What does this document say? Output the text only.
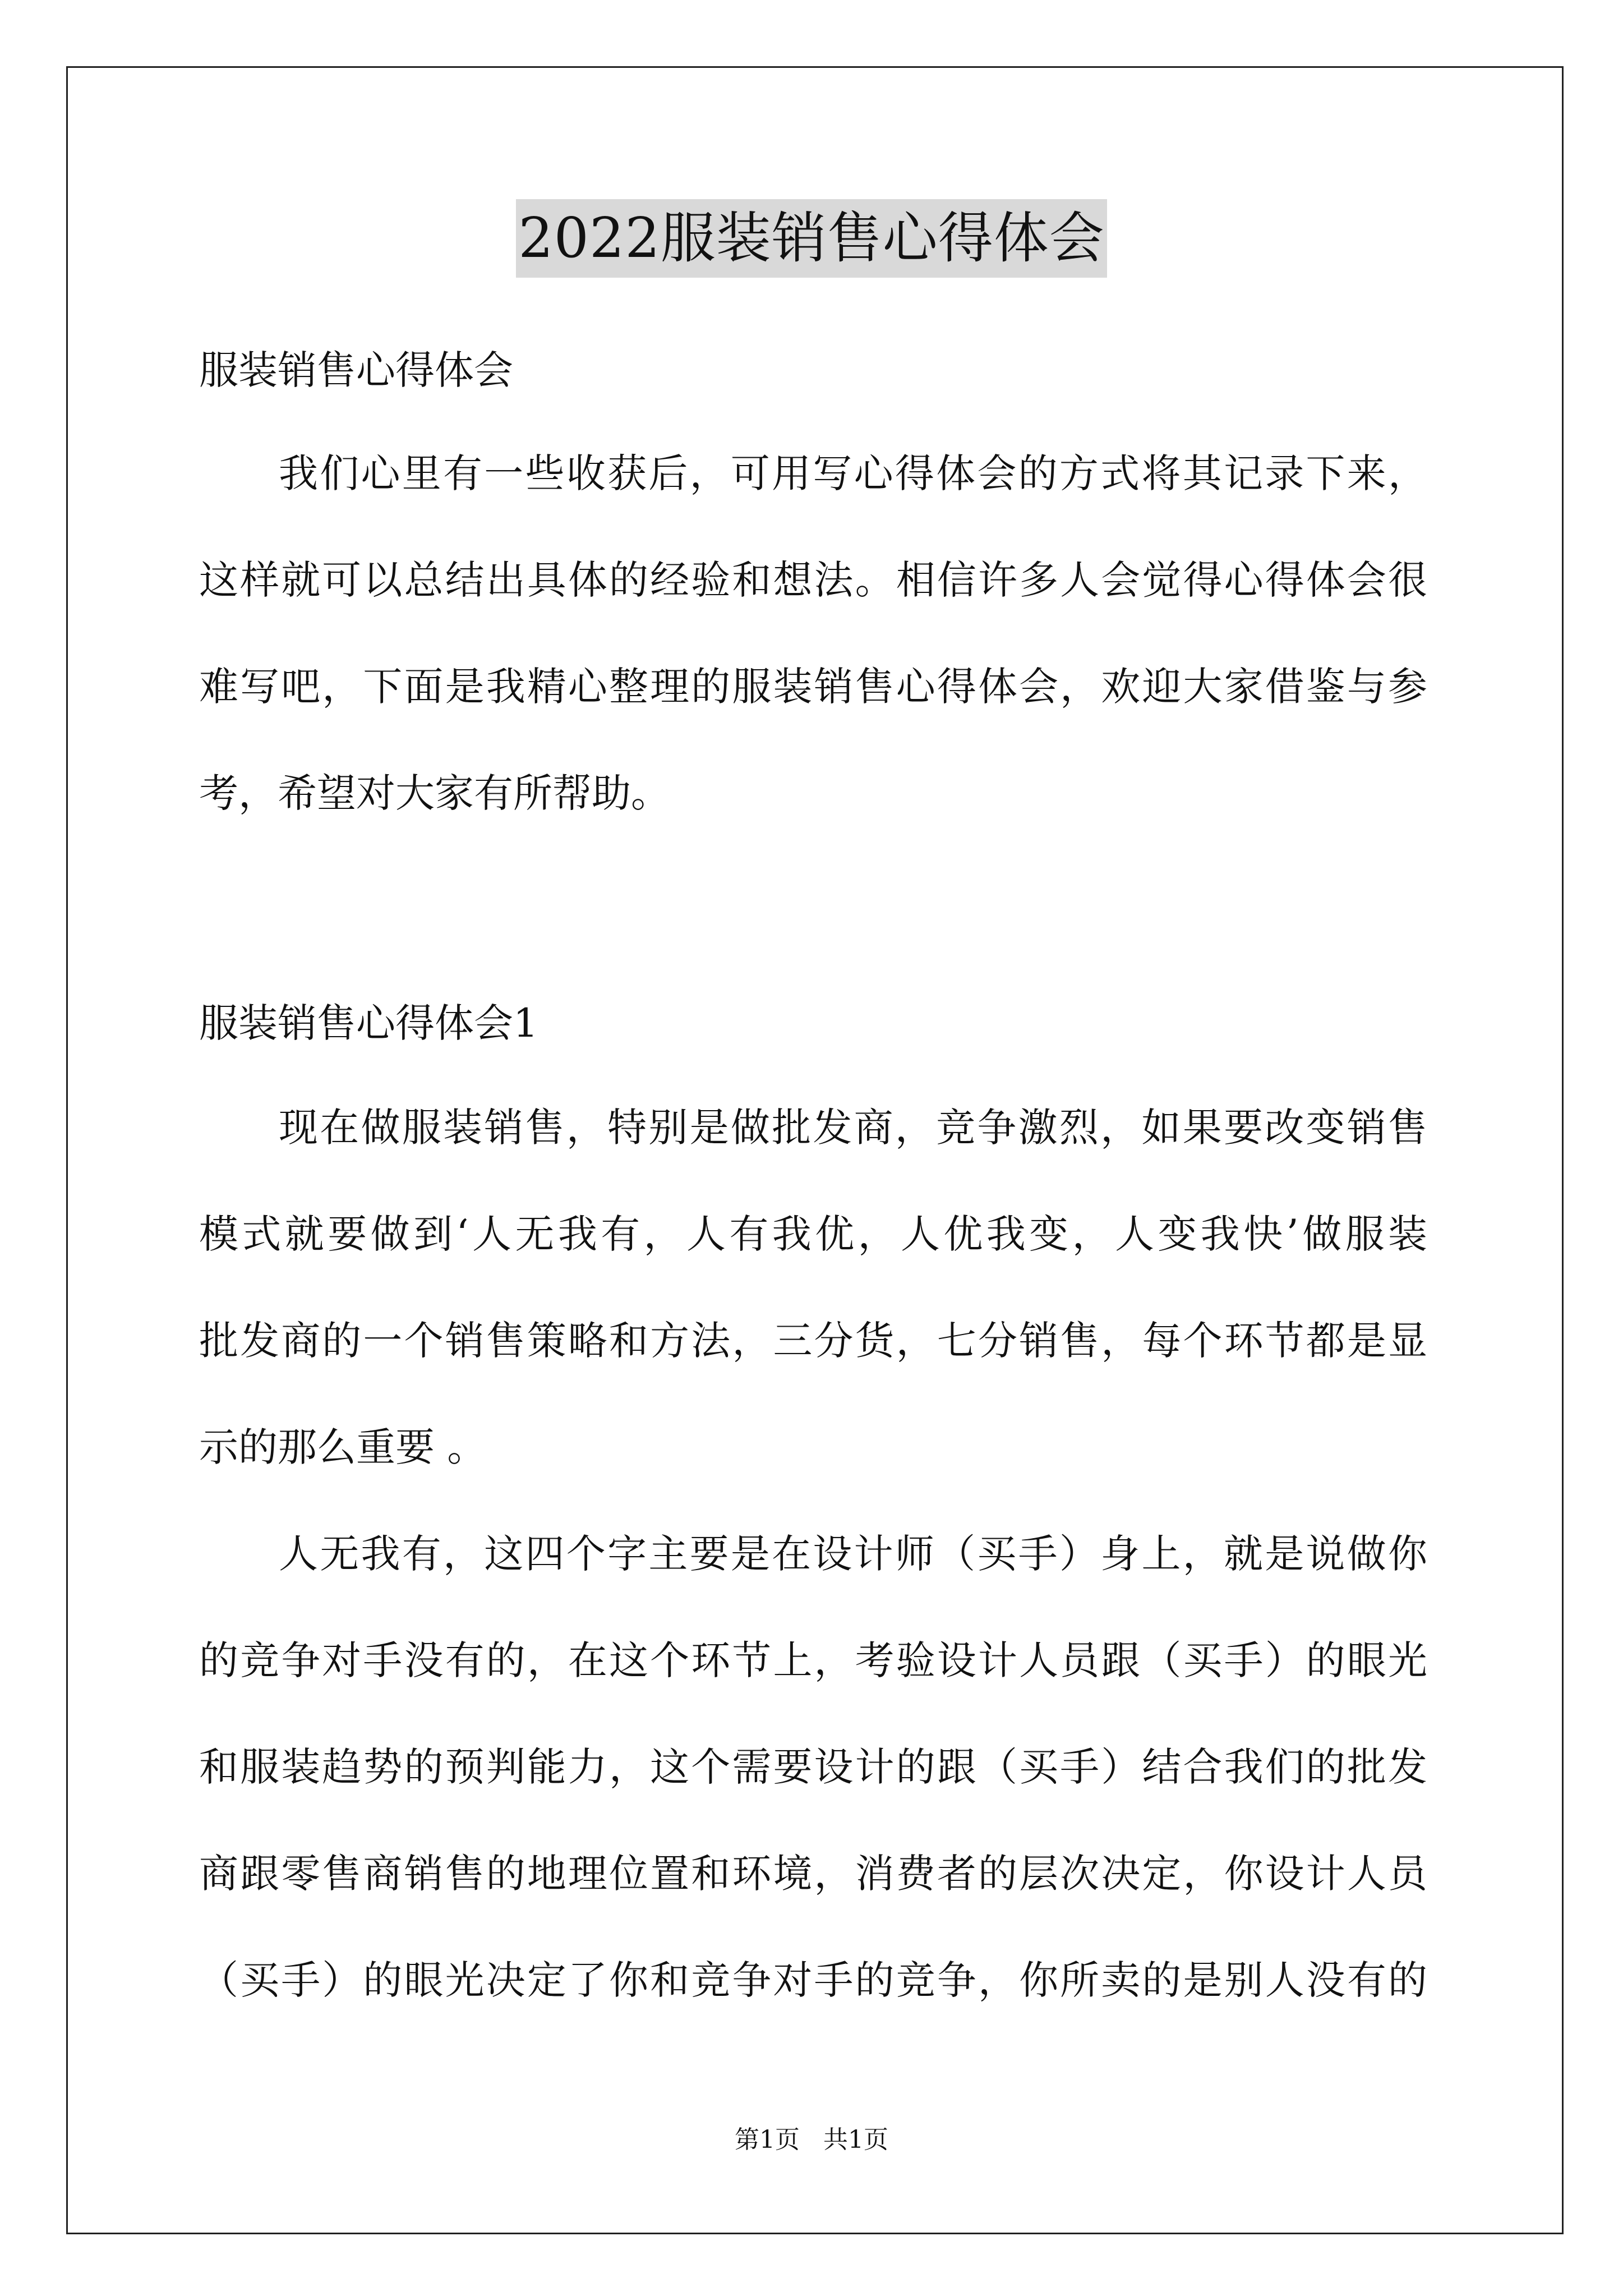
2022服装销售心得体会
服装销售心得体会
我们心里有一些收获后，可用写心得体会的方式将其记录下来，
这样就可以总结出具体的经验和想法。相信许多人会觉得心得体会很
难写吧，下面是我精心整理的服装销售心得体会，欢迎大家借鉴与参
考，希望对大家有所帮助。
服装销售心得体会1
现在做服装销售，特别是做批发商，竞争激烈，如果要改变销售
模式就要做到‘人无我有，人有我优，人优我变，人变我快’做服装
批发商的一个销售策略和方法，三分货，七分销售，每个环节都是显
示的那么重要 。
人无我有，这四个字主要是在设计师（买手）身上，就是说做你
的竞争对手没有的，在这个环节上，考验设计人员跟（买手）的眼光
和服装趋势的预判能力，这个需要设计的跟（买手）结合我们的批发
商跟零售商销售的地理位置和环境，消费者的层次决定，你设计人员
（买手）的眼光决定了你和竞争对手的竞争，你所卖的是别人没有的
第1页   共1页
